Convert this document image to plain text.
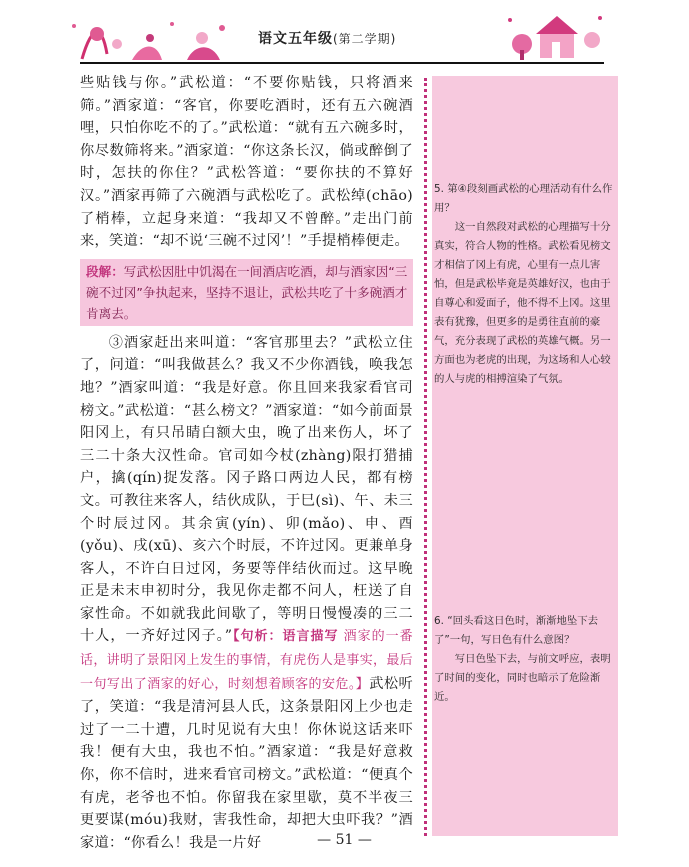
语文五年级(第二学期)

些贴钱与你。”武松道：“不要你贴钱，只将酒来筛。”酒家道：“客官，你要吃酒时，还有五六碗酒哩，只怕你吃不的了。”武松道：“就有五六碗多时，你尽数筛将来。”酒家道：“你这条长汉，倘或醉倒了时，怎扶的你住？”武松答道：“要你扶的不算好汉。”酒家再筛了六碗酒与武松吃了。武松绰(chāo)了梢棒，立起身来道：“我却又不曾醉。”走出门前来，笑道：“却不说‘三碗不过冈’！”手提梢棒便走。

段解：写武松因肚中饥渴在一间酒店吃酒，却与酒家因“三碗不过冈”争执起来，坚持不退让，武松共吃了十多碗酒才肯离去。

③酒家赶出来叫道：“客官那里去？”武松立住了，问道：“叫我做甚么？我又不少你酒钱，唤我怎地？”酒家叫道：“我是好意。你且回来我家看官司榜文。”武松道：“甚么榜文？”酒家道：“如今前面景阳冈上，有只吊睛白额大虫，晚了出来伤人，坏了三二十条大汉性命。官司如今杖(zhàng)限打猎捕户，擒(qín)捉发落。冈子路口两边人民，都有榜文。可教往来客人，结伙成队，于巳(sì)、午、未三个时辰过冈。其余寅(yín)、卯(mǎo)、申、酉(yǒu)、戌(xū)、亥六个时辰，不许过冈。更兼单身客人，不许白日过冈，务要等伴结伙而过。这早晚正是未末申初时分，我见你走都不问人，枉送了自家性命。不如就我此间歇了，等明日慢慢凑的三二十人，一齐好过冈子。”【句析：语言描写 酒家的一番话，讲明了景阳冈上发生的事情，有虎伤人是事实，最后一句写出了酒家的好心，时刻想着顾客的安危。】武松听了，笑道：“我是清河县人氏，这条景阳冈上少也走过了一二十遭，几时见说有大虫！你休说这话来吓我！便有大虫，我也不怕。”酒家道：“我是好意救你，你不信时，进来看官司榜文。”武松道：“便真个有虎，老爷也不怕。你留我在家里歇，莫不半夜三更要谋(móu)我财，害我性命，却把大虫吓我？”酒家道：“你看么！我是一片好

5. 第④段刻画武松的心理活动有什么作用？

这一自然段对武松的心理描写十分真实，符合人物的性格。武松看见榜文才相信了冈上有虎，心里有一点儿害怕，但是武松毕竟是英雄好汉，也由于自尊心和爱面子，他不得不上冈。这里表有犹豫，但更多的是勇往直前的豪气，充分表现了武松的英雄气概。另一方面也为老虎的出现，为这场和人心较的人与虎的相搏渲染了气氛。

6. “回头看这日色时，渐渐地坠下去了”一句，写日色有什么意图？

写日色坠下去，与前文呼应，表明了时间的变化，同时也暗示了危险渐近。

— 51 —
